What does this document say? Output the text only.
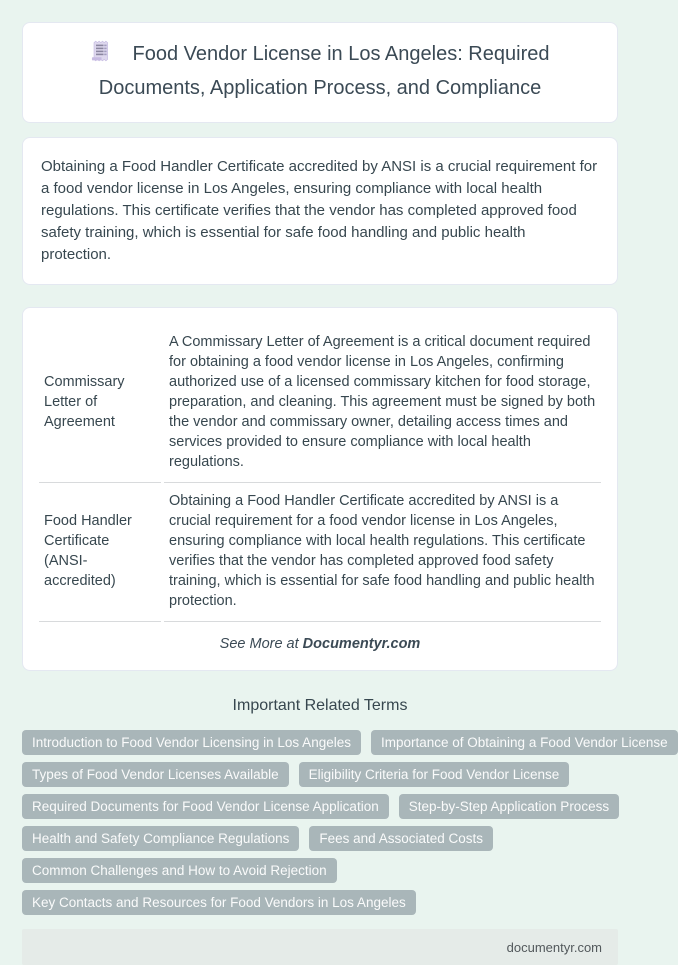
Food Vendor License in Los Angeles: Required Documents, Application Process, and Compliance

Obtaining a Food Handler Certificate accredited by ANSI is a crucial requirement for a food vendor license in Los Angeles, ensuring compliance with local health regulations. This certificate verifies that the vendor has completed approved food safety training, which is essential for safe food handling and public health protection.

Commissary Letter of Agreement	A Commissary Letter of Agreement is a critical document required for obtaining a food vendor license in Los Angeles, confirming authorized use of a licensed commissary kitchen for food storage, preparation, and cleaning. This agreement must be signed by both the vendor and commissary owner, detailing access times and services provided to ensure compliance with local health regulations.
Food Handler Certificate (ANSI-accredited)	Obtaining a Food Handler Certificate accredited by ANSI is a crucial requirement for a food vendor license in Los Angeles, ensuring compliance with local health regulations. This certificate verifies that the vendor has completed approved food safety training, which is essential for safe food handling and public health protection.
See More at Documentyr.com
Important Related Terms
Introduction to Food Vendor Licensing in Los Angeles	Importance of Obtaining a Food Vendor License
Types of Food Vendor Licenses Available	Eligibility Criteria for Food Vendor License
Required Documents for Food Vendor License Application	Step-by-Step Application Process
Health and Safety Compliance Regulations	Fees and Associated Costs
Common Challenges and How to Avoid Rejection
Key Contacts and Resources for Food Vendors in Los Angeles
documentyr.com
